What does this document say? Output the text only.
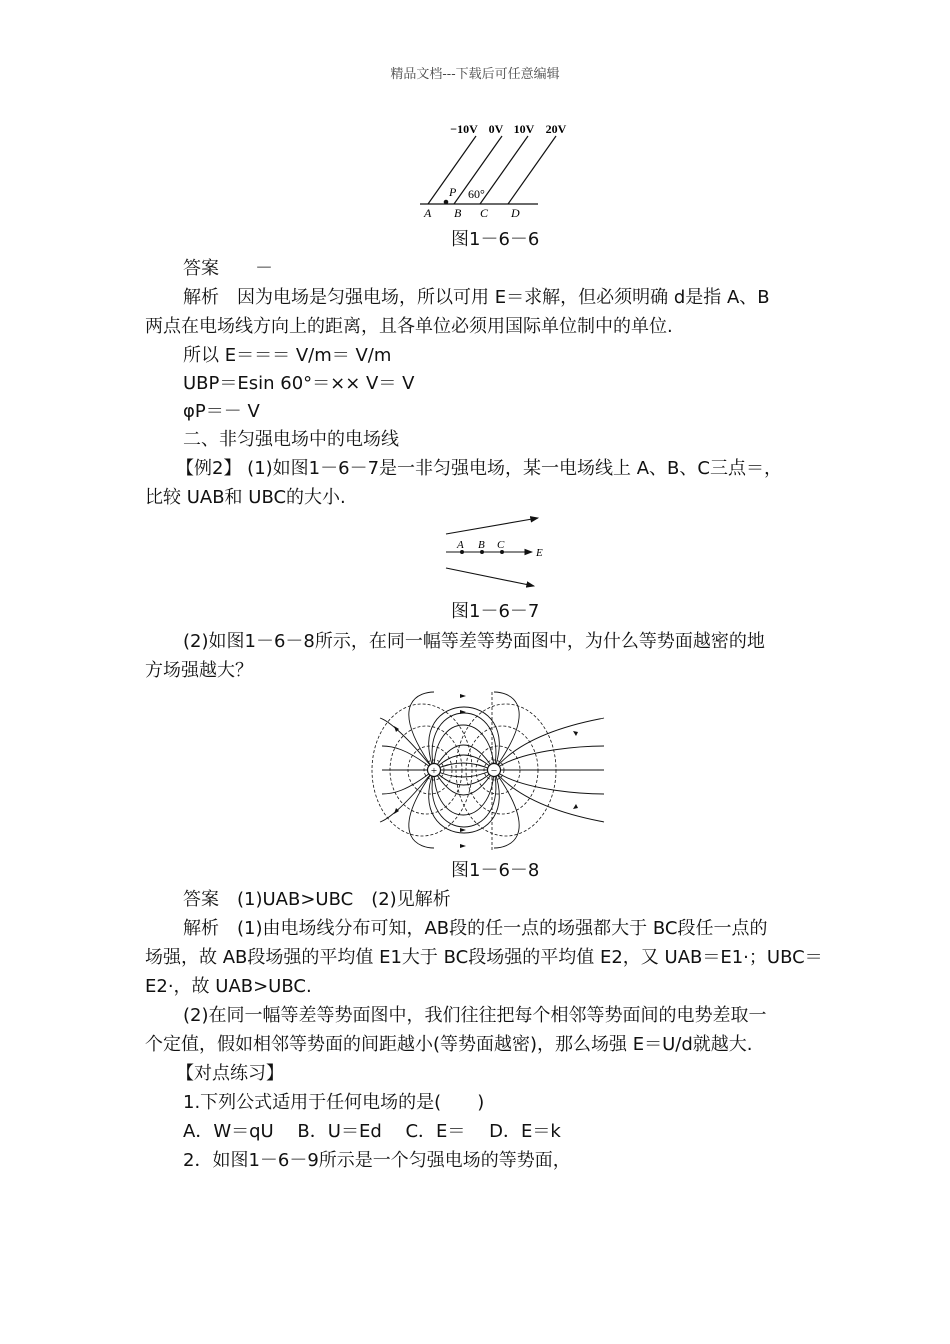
精品文档---下载后可任意编辑
−10V 0V 10V 20V
P 60°
A B C D
图1－6－6
答案　　－
解析　因为电场是匀强电场，所以可用 E＝求解，但必须明确 d是指 A、B
两点在电场线方向上的距离，且各单位必须用国际单位制中的单位.
所以 E＝＝＝ V/m＝ V/m
UBP＝Esin 60°＝×× V＝ V
φP＝－ V
二、非匀强电场中的电场线
【例2】 (1)如图1－6－7是一非匀强电场，某一电场线上 A、B、C三点＝，
比较 UAB和 UBC的大小.
A B C
E
图1－6－7
(2)如图1－6－8所示，在同一幅等差等势面图中，为什么等势面越密的地
方场强越大？
+	−
图1－6－8
答案　(1)UAB>UBC　(2)见解析
解析　(1)由电场线分布可知，AB段的任一点的场强都大于 BC段任一点的
场强，故 AB段场强的平均值 E1大于 BC段场强的平均值 E2，又 UAB＝E1·；UBC＝
E2·，故 UAB>UBC.
(2)在同一幅等差等势面图中，我们往往把每个相邻等势面间的电势差取一
个定值，假如相邻等势面的间距越小(等势面越密)，那么场强 E＝U/d就越大.
【对点练习】
1.下列公式适用于任何电场的是(　　)
A．W＝qU　 B．U＝Ed　 C．E＝　 D．E＝k
2．如图1－6－9所示是一个匀强电场的等势面，
